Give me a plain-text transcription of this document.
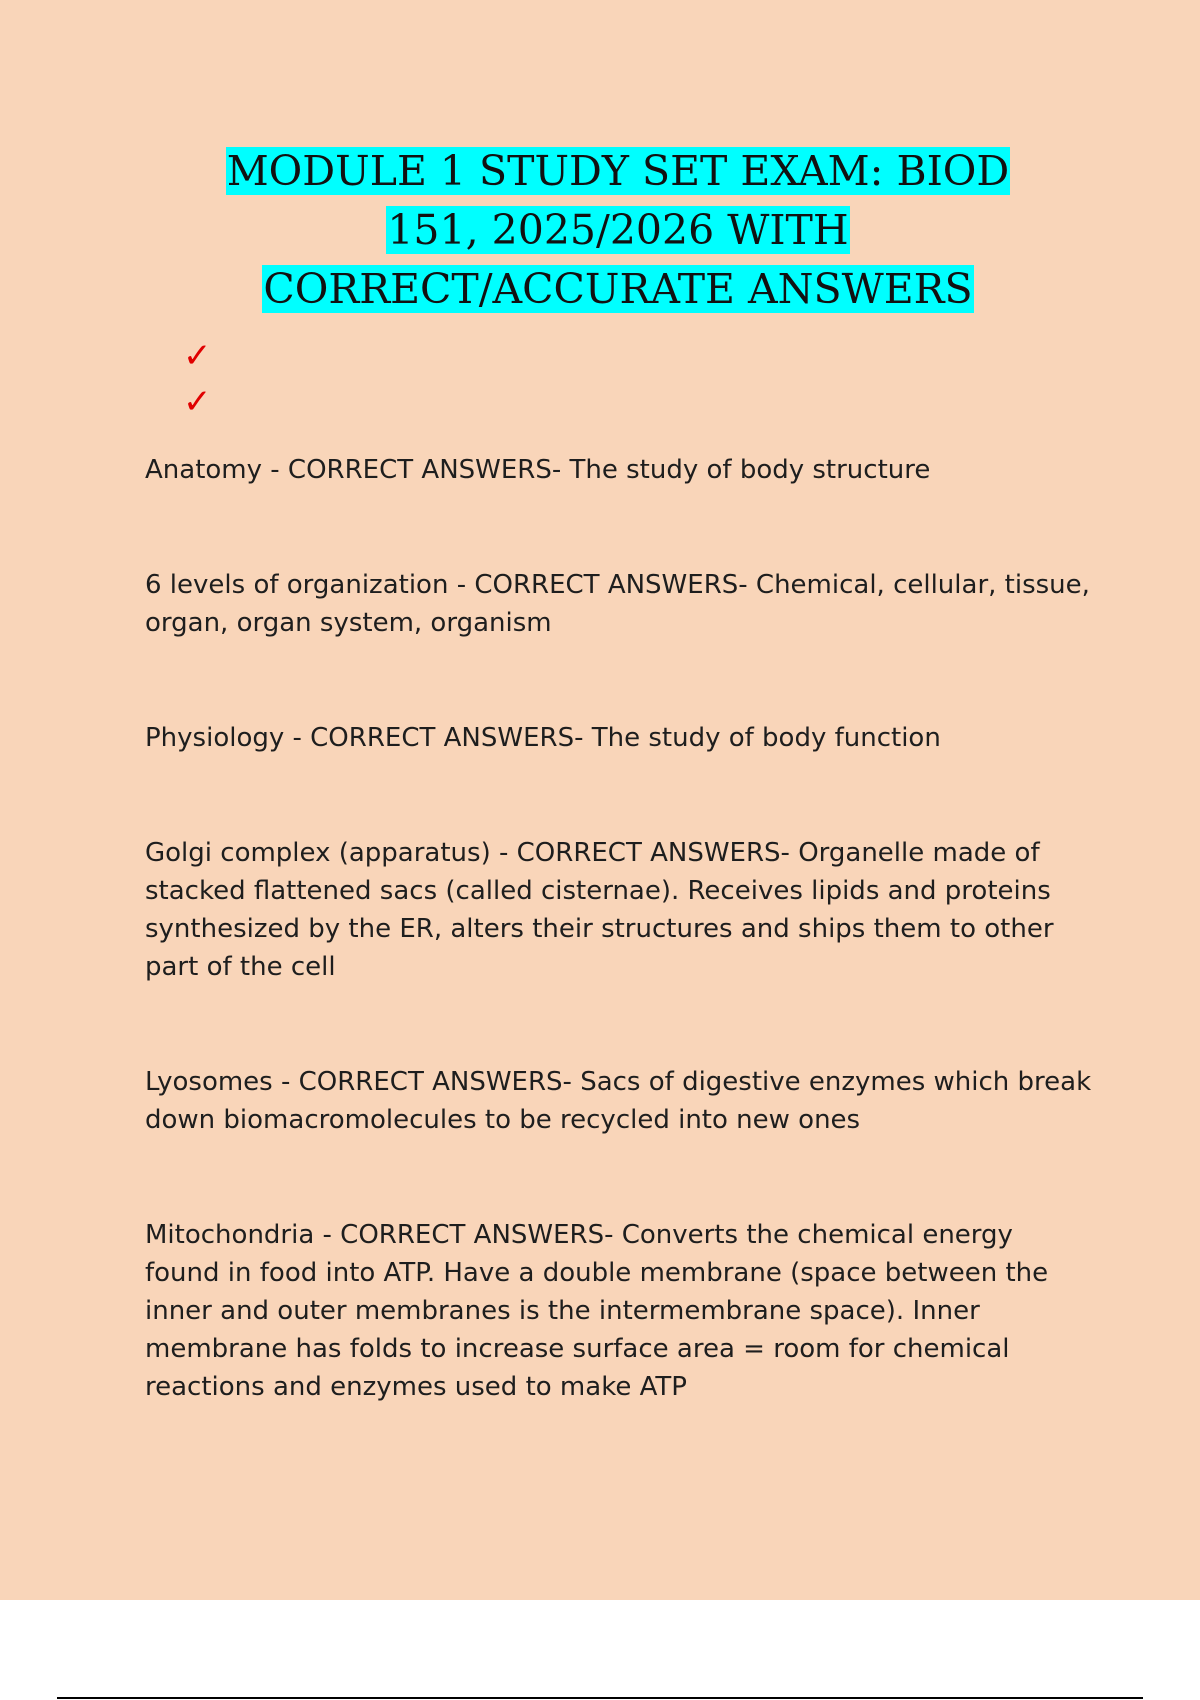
MODULE 1 STUDY SET EXAM: BIOD
151, 2025/2026 WITH
CORRECT/ACCURATE ANSWERS
✓
✓

Anatomy - CORRECT ANSWERS- The study of body structure

6 levels of organization - CORRECT ANSWERS- Chemical, cellular, tissue, organ, organ system, organism

Physiology - CORRECT ANSWERS- The study of body function

Golgi complex (apparatus) - CORRECT ANSWERS- Organelle made of stacked flattened sacs (called cisternae). Receives lipids and proteins synthesized by the ER, alters their structures and ships them to other part of the cell

Lyosomes - CORRECT ANSWERS- Sacs of digestive enzymes which break down biomacromolecules to be recycled into new ones

Mitochondria - CORRECT ANSWERS- Converts the chemical energy found in food into ATP. Have a double membrane (space between the inner and outer membranes is the intermembrane space). Inner membrane has folds to increase surface area = room for chemical reactions and enzymes used to make ATP
